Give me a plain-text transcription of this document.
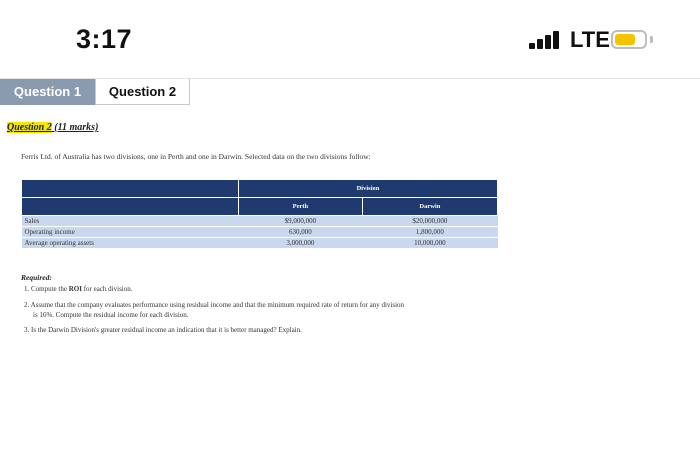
3:17	LTE
Question 1	Question 2
Question 2 (11 marks)
Ferris Ltd. of Australia has two divisions, one in Perth and one in Darwin. Selected data on the two divisions follow:
	Division	
	Perth	Darwin
Sales	$9,000,000	$20,000,000
Operating income	630,000	1,800,000
Average operating assets	3,000,000	10,000,000
Required:
1. Compute the ROI for each division.
2. Assume that the company evaluates performance using residual income and that the minimum required rate of return for any division
is 16%. Compute the residual income for each division.
3. Is the Darwin Division's greater residual income an indication that it is better managed? Explain.
